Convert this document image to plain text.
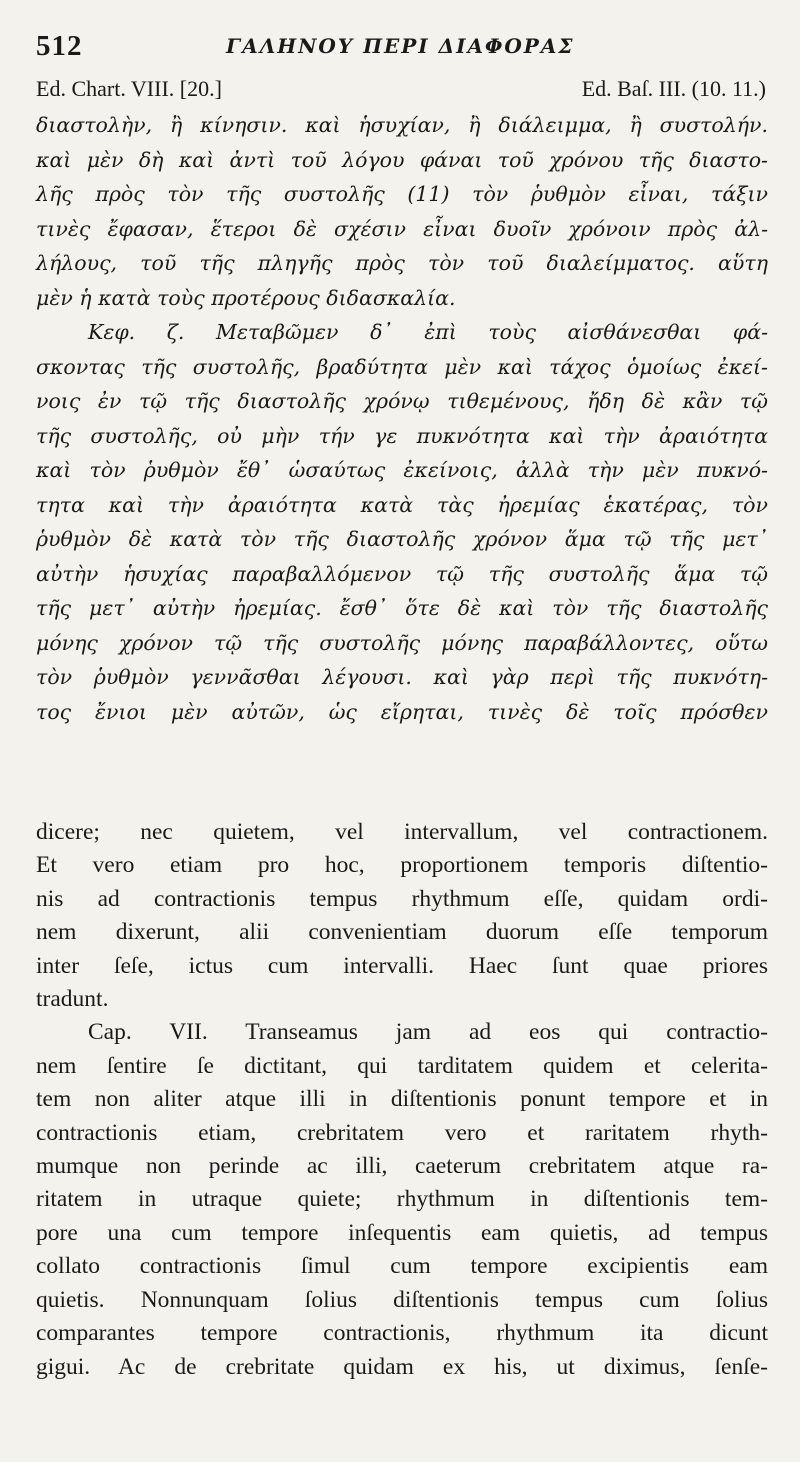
512	ΓΑΛΗΝΟΥ ΠΕΡΙ ΔΙΑΦΟΡΑΣ
Ed. Chart. VIII. [20.]	Ed. Baſ. III. (10. 11.)
διαστολὴν, ἢ κίνησιν. καὶ ἡσυχίαν, ἢ διάλειμμα, ἢ συστολήν.
καὶ μὲν δὴ καὶ ἀντὶ τοῦ λόγου φάναι τοῦ χρόνου τῆς διαστο-
λῆς πρὸς τὸν τῆς συστολῆς (11) τὸν ῥυθμὸν εἶναι, τάξιν
τινὲς ἔφασαν, ἕτεροι δὲ σχέσιν εἶναι δυοῖν χρόνοιν πρὸς ἀλ-
λήλους, τοῦ τῆς πληγῆς πρὸς τὸν τοῦ διαλείμματος. αὕτη
μὲν ἡ κατὰ τοὺς προτέρους διδασκαλία.
Κεφ. ζ. Μεταβῶμεν δ᾽ ἐπὶ τοὺς αἰσθάνεσθαι φά-
σκοντας τῆς συστολῆς, βραδύτητα μὲν καὶ τάχος ὁμοίως ἐκεί-
νοις ἐν τῷ τῆς διαστολῆς χρόνῳ τιθεμένους, ἤδη δὲ κἂν τῷ
τῆς συστολῆς, οὐ μὴν τήν γε πυκνότητα καὶ τὴν ἀραιότητα
καὶ τὸν ῥυθμὸν ἔθ᾽ ὡσαύτως ἐκείνοις, ἀλλὰ τὴν μὲν πυκνό-
τητα καὶ τὴν ἀραιότητα κατὰ τὰς ἠρεμίας ἑκατέρας, τὸν
ῥυθμὸν δὲ κατὰ τὸν τῆς διαστολῆς χρόνον ἅμα τῷ τῆς μετ᾽
αὐτὴν ἡσυχίας παραβαλλόμενον τῷ τῆς συστολῆς ἅμα τῷ
τῆς μετ᾽ αὐτὴν ἠρεμίας. ἔσθ᾽ ὅτε δὲ καὶ τὸν τῆς διαστολῆς
μόνης χρόνον τῷ τῆς συστολῆς μόνης παραβάλλοντες, οὕτω
τὸν ῥυθμὸν γεννᾶσθαι λέγουσι. καὶ γὰρ περὶ τῆς πυκνότη-
τος ἔνιοι μὲν αὐτῶν, ὡς εἴρηται, τινὲς δὲ τοῖς πρόσθεν
dicere; nec quietem, vel intervallum, vel contractionem.
Et vero etiam pro hoc, proportionem temporis diſtentio-
nis ad contractionis tempus rhythmum eſſe, quidam ordi-
nem dixerunt, alii convenientiam duorum eſſe temporum
inter ſeſe, ictus cum intervalli. Haec ſunt quae priores
tradunt.
Cap. VII. Transeamus jam ad eos qui contractio-
nem ſentire ſe dictitant, qui tarditatem quidem et celerita-
tem non aliter atque illi in diſtentionis ponunt tempore et in
contractionis etiam, crebritatem vero et raritatem rhyth-
mumque non perinde ac illi, caeterum crebritatem atque ra-
ritatem in utraque quiete; rhythmum in diſtentionis tem-
pore una cum tempore inſequentis eam quietis, ad tempus
collato contractionis ſimul cum tempore excipientis eam
quietis. Nonnunquam ſolius diſtentionis tempus cum ſolius
comparantes tempore contractionis, rhythmum ita dicunt
gigui. Ac de crebritate quidam ex his, ut diximus, ſenſe-
